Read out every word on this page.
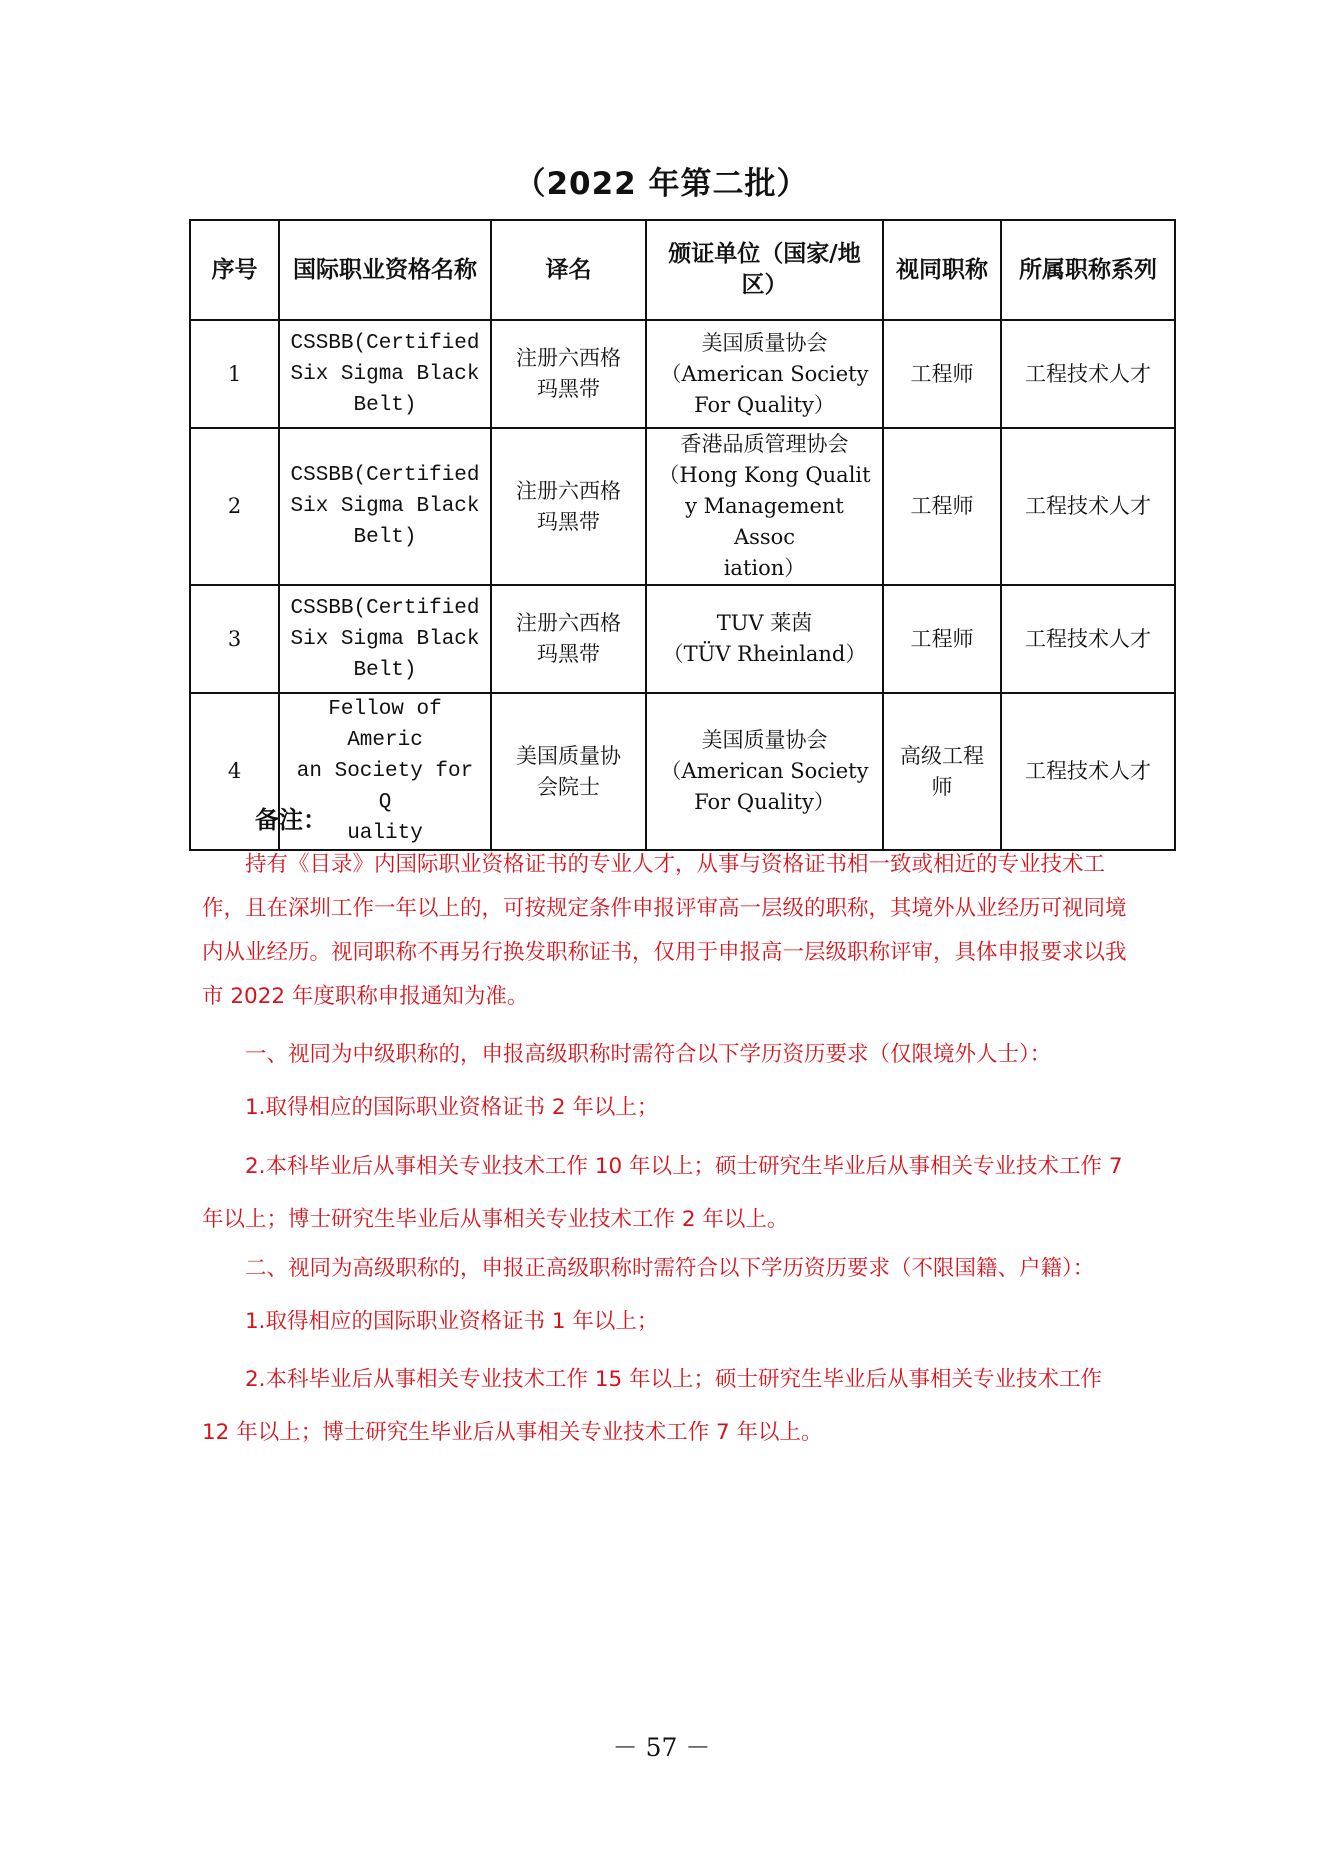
（2022 年第二批）
序号	国际职业资格名称	译名	颁证单位（国家/地区）	视同职称	所属职称系列
1	CSSBB(Certified
Six Sigma Black
Belt)	注册六西格
玛黑带	美国质量协会
（American Society
For Quality）	工程师	工程技术人才
2	CSSBB(Certified
Six Sigma Black
Belt)	注册六西格
玛黑带	香港品质管理协会
（Hong Kong Qualit
y Management Assoc
iation）	工程师	工程技术人才
3	CSSBB(Certified
Six Sigma Black
Belt)	注册六西格
玛黑带	TUV 莱茵
（TÜV Rheinland）	工程师	工程技术人才
4	Fellow of Americ
an Society for Q
uality	美国质量协
会院士	美国质量协会
（American Society
For Quality）	高级工程
师	工程技术人才
备注：
持有《目录》内国际职业资格证书的专业人才，从事与资格证书相一致或相近的专业技术工作，且在深圳工作一年以上的，可按规定条件申报评审高一层级的职称，其境外从业经历可视同境内从业经历。视同职称不再另行换发职称证书，仅用于申报高一层级职称评审，具体申报要求以我市 2022 年度职称申报通知为准。
一、视同为中级职称的，申报高级职称时需符合以下学历资历要求（仅限境外人士）：
1.取得相应的国际职业资格证书 2 年以上；
2.本科毕业后从事相关专业技术工作 10 年以上；硕士研究生毕业后从事相关专业技术工作 7 年以上；博士研究生毕业后从事相关专业技术工作 2 年以上。
二、视同为高级职称的，申报正高级职称时需符合以下学历资历要求（不限国籍、户籍）：
1.取得相应的国际职业资格证书 1 年以上；
2.本科毕业后从事相关专业技术工作 15 年以上；硕士研究生毕业后从事相关专业技术工作 12 年以上；博士研究生毕业后从事相关专业技术工作 7 年以上。
－ 57 －
